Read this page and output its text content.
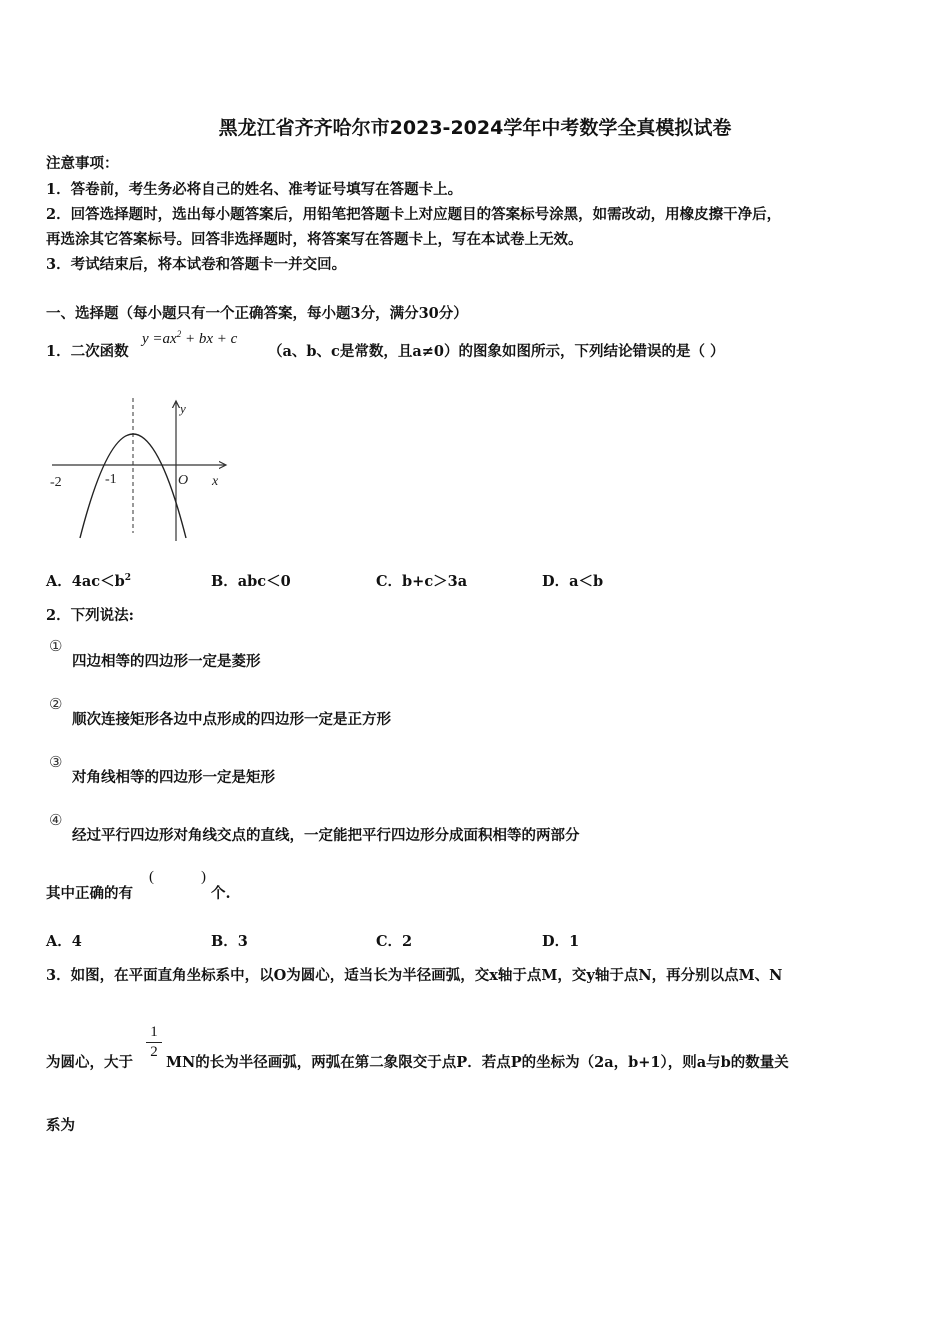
黑龙江省齐齐哈尔市2023-2024学年中考数学全真模拟试卷
注意事项：
1．答卷前，考生务必将自己的姓名、准考证号填写在答题卡上。
2．回答选择题时，选出每小题答案后，用铅笔把答题卡上对应题目的答案标号涂黑，如需改动，用橡皮擦干净后，
再选涂其它答案标号。回答非选择题时，将答案写在答题卡上，写在本试卷上无效。
3．考试结束后，将本试卷和答题卡一并交回。
一、选择题（每小题只有一个正确答案，每小题3分，满分30分）
1．二次函数
$y =ax^2$ + bx + c
（a、b、c是常数，且a≠0）的图象如图所示，下列结论错误的是（ ）
-2	-1	O x
y
A．$4ac<b^2$	B．abc＜0	C．b+c＞3a	D．a＜b
2．下列说法:
①
四边相等的四边形一定是菱形
②
顺次连接矩形各边中点形成的四边形一定是正方形
③
对角线相等的四边形一定是矩形
④
经过平行四边形对角线交点的直线，一定能把平行四边形分成面积相等的两部分
其中正确的有
(	)
个.
A．4	B．3	C．2	D．1
3．如图，在平面直角坐标系中，以O为圆心，适当长为半径画弧，交x轴于点M，交y轴于点N，再分别以点M、N
为圆心，大于
$\frac{1}{2}$
MN的长为半径画弧，两弧在第二象限交于点P．若点P的坐标为（2a，b+1），则a与b的数量关
系为
